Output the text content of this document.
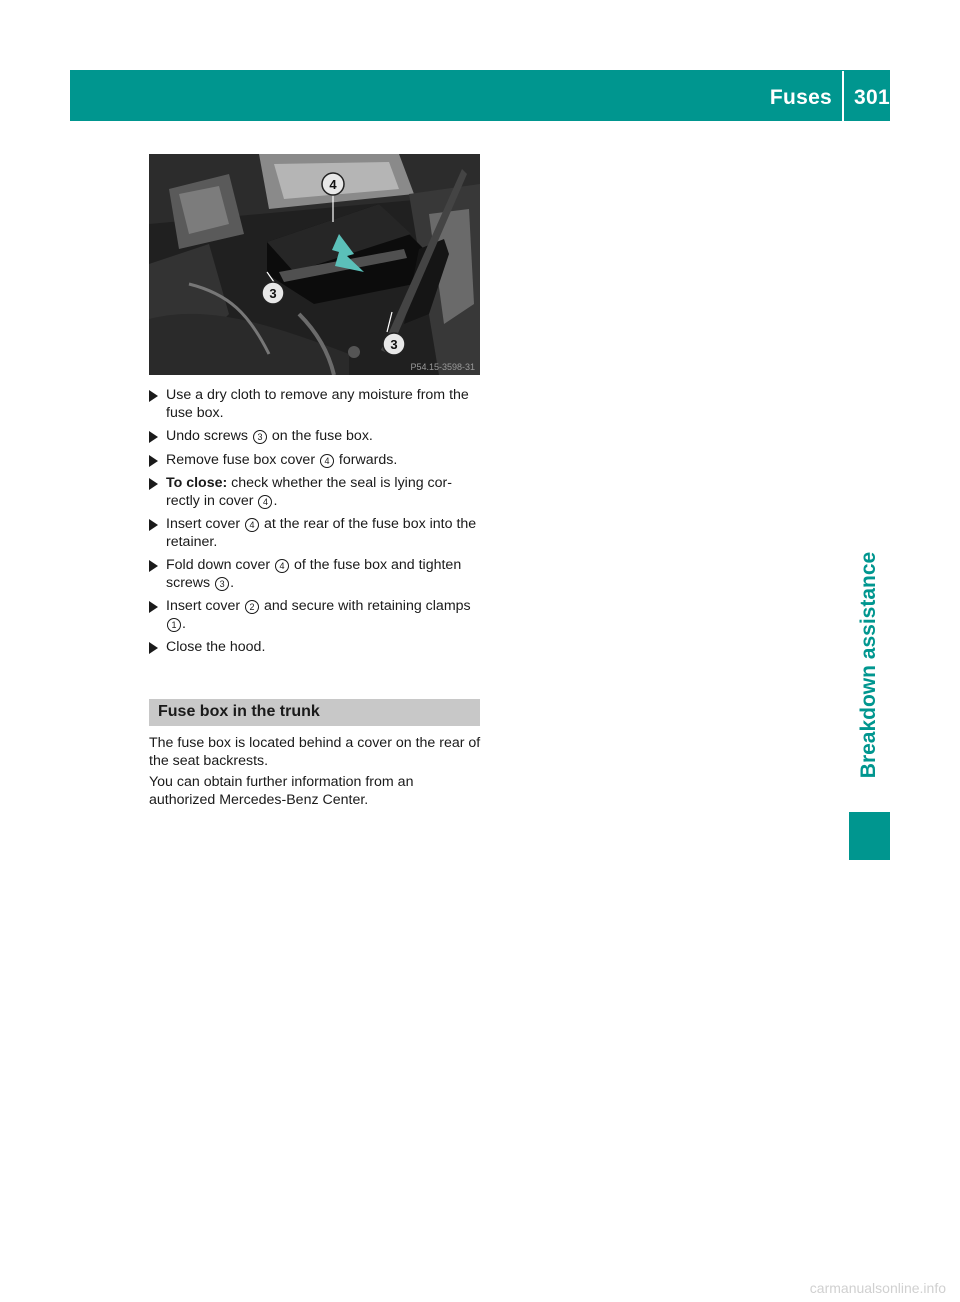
Fuses 301
4
3
3
P54.15-3598-31
Use a dry cloth to remove any moisture from the fuse box.
Undo screws 3 on the fuse box.
Remove fuse box cover 4 forwards.
To close: check whether the seal is lying cor-rectly in cover 4 .
Insert cover 4 at the rear of the fuse box into the retainer.
Fold down cover 4 of the fuse box and tighten screws 3 .
Insert cover 2 and secure with retaining clamps 1 .
Close the hood.
Fuse box in the trunk
The fuse box is located behind a cover on the rear of the seat backrests.
You can obtain further information from an authorized Mercedes-Benz Center.
Breakdown assistance
carmanualsonline.info
